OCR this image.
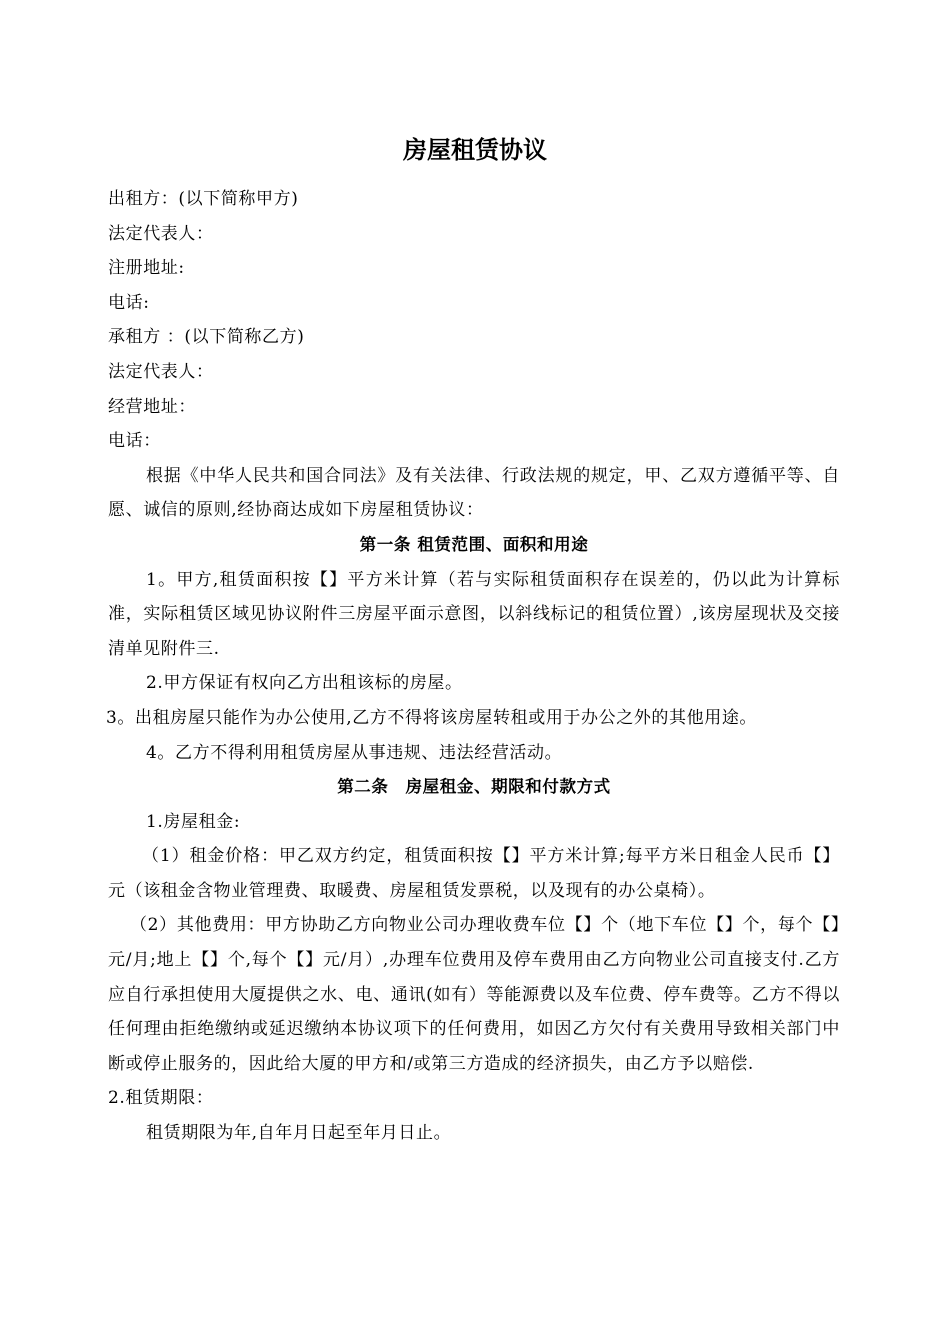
房屋租赁协议

出租方：(以下简称甲方)

法定代表人：

注册地址:

电话:

承租方 ：(以下简称乙方)

法定代表人：

经营地址：

电话：

根据《中华人民共和国合同法》及有关法律、行政法规的规定，甲、乙双方遵循平等、自愿、诚信的原则,经协商达成如下房屋租赁协议：

第一条 租赁范围、面积和用途

1。甲方,租赁面积按【】平方米计算（若与实际租赁面积存在误差的，仍以此为计算标准，实际租赁区域见协议附件三房屋平面示意图，以斜线标记的租赁位置）,该房屋现状及交接清单见附件三.

2.甲方保证有权向乙方出租该标的房屋。

3。出租房屋只能作为办公使用,乙方不得将该房屋转租或用于办公之外的其他用途。

4。乙方不得利用租赁房屋从事违规、违法经营活动。

第二条　房屋租金、期限和付款方式

1.房屋租金:

（1）租金价格：甲乙双方约定，租赁面积按【】平方米计算;每平方米日租金人民币【】元（该租金含物业管理费、取暖费、房屋租赁发票税，以及现有的办公桌椅）。

（2）其他费用：甲方协助乙方向物业公司办理收费车位【】个（地下车位【】个，每个【】元/月;地上【】个,每个【】元/月）,办理车位费用及停车费用由乙方向物业公司直接支付.乙方应自行承担使用大厦提供之水、电、通讯(如有）等能源费以及车位费、停车费等。乙方不得以任何理由拒绝缴纳或延迟缴纳本协议项下的任何费用，如因乙方欠付有关费用导致相关部门中断或停止服务的，因此给大厦的甲方和/或第三方造成的经济损失，由乙方予以赔偿.

2.租赁期限：

租赁期限为年,自年月日起至年月日止。
